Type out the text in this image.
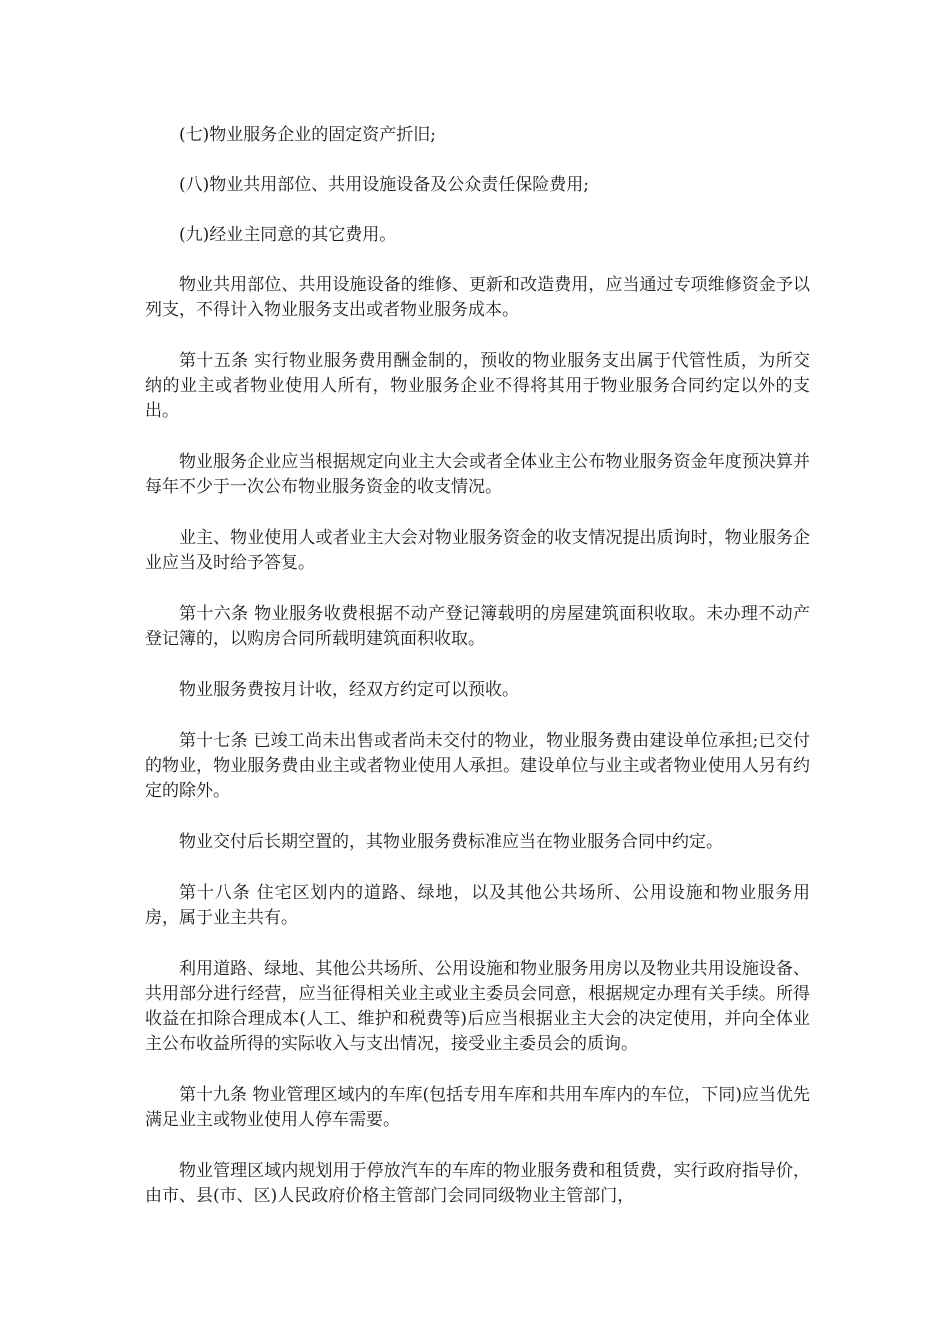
(七)物业服务企业的固定资产折旧;

(八)物业共用部位、共用设施设备及公众责任保险费用;

(九)经业主同意的其它费用。

物业共用部位、共用设施设备的维修、更新和改造费用，应当通过专项维修资金予以列支，不得计入物业服务支出或者物业服务成本。

第十五条 实行物业服务费用酬金制的，预收的物业服务支出属于代管性质，为所交纳的业主或者物业使用人所有，物业服务企业不得将其用于物业服务合同约定以外的支出。

物业服务企业应当根据规定向业主大会或者全体业主公布物业服务资金年度预决算并每年不少于一次公布物业服务资金的收支情况。

业主、物业使用人或者业主大会对物业服务资金的收支情况提出质询时，物业服务企业应当及时给予答复。

第十六条 物业服务收费根据不动产登记簿载明的房屋建筑面积收取。未办理不动产登记簿的，以购房合同所载明建筑面积收取。

物业服务费按月计收，经双方约定可以预收。

第十七条 已竣工尚未出售或者尚未交付的物业，物业服务费由建设单位承担;已交付的物业，物业服务费由业主或者物业使用人承担。建设单位与业主或者物业使用人另有约定的除外。

物业交付后长期空置的，其物业服务费标准应当在物业服务合同中约定。

第十八条 住宅区划内的道路、绿地，以及其他公共场所、公用设施和物业服务用房，属于业主共有。

利用道路、绿地、其他公共场所、公用设施和物业服务用房以及物业共用设施设备、共用部分进行经营，应当征得相关业主或业主委员会同意，根据规定办理有关手续。所得收益在扣除合理成本(人工、维护和税费等)后应当根据业主大会的决定使用，并向全体业主公布收益所得的实际收入与支出情况，接受业主委员会的质询。

第十九条 物业管理区域内的车库(包括专用车库和共用车库内的车位，下同)应当优先满足业主或物业使用人停车需要。

物业管理区域内规划用于停放汽车的车库的物业服务费和租赁费，实行政府指导价，由市、县(市、区)人民政府价格主管部门会同同级物业主管部门，
